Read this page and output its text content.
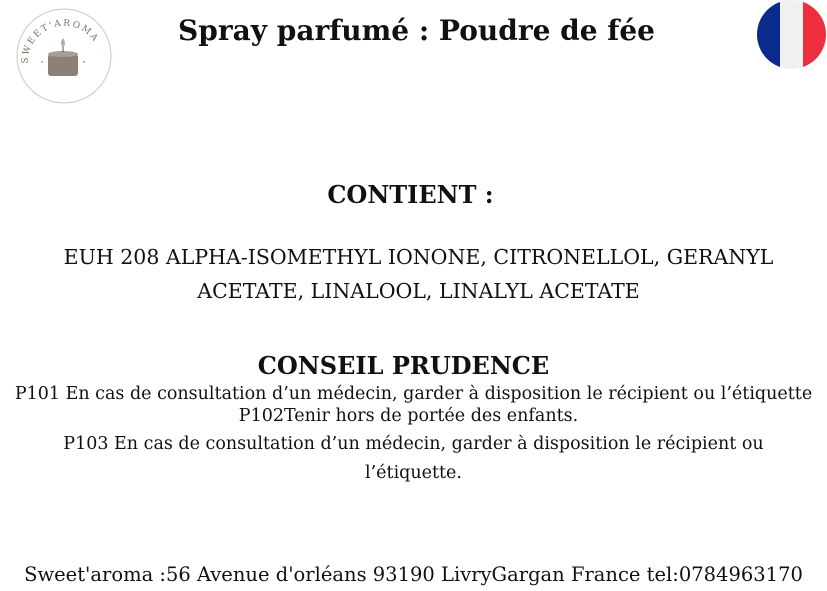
SWEET'AROMA	Spray parfumé : Poudre de fée
CONTIENT :

EUH 208 ALPHA-ISOMETHYL IONONE, CITRONELLOL, GERANYL ACETATE, LINALOOL, LINALYL ACETATE

CONSEIL PRUDENCE

P101 En cas de consultation d’un médecin, garder à disposition le récipient ou l’étiquette

P102Tenir hors de portée des enfants.

P103 En cas de consultation d’un médecin, garder à disposition le récipient ou l’étiquette.

Sweet'aroma :56 Avenue d'orléans 93190 LivryGargan France tel:0784963170
